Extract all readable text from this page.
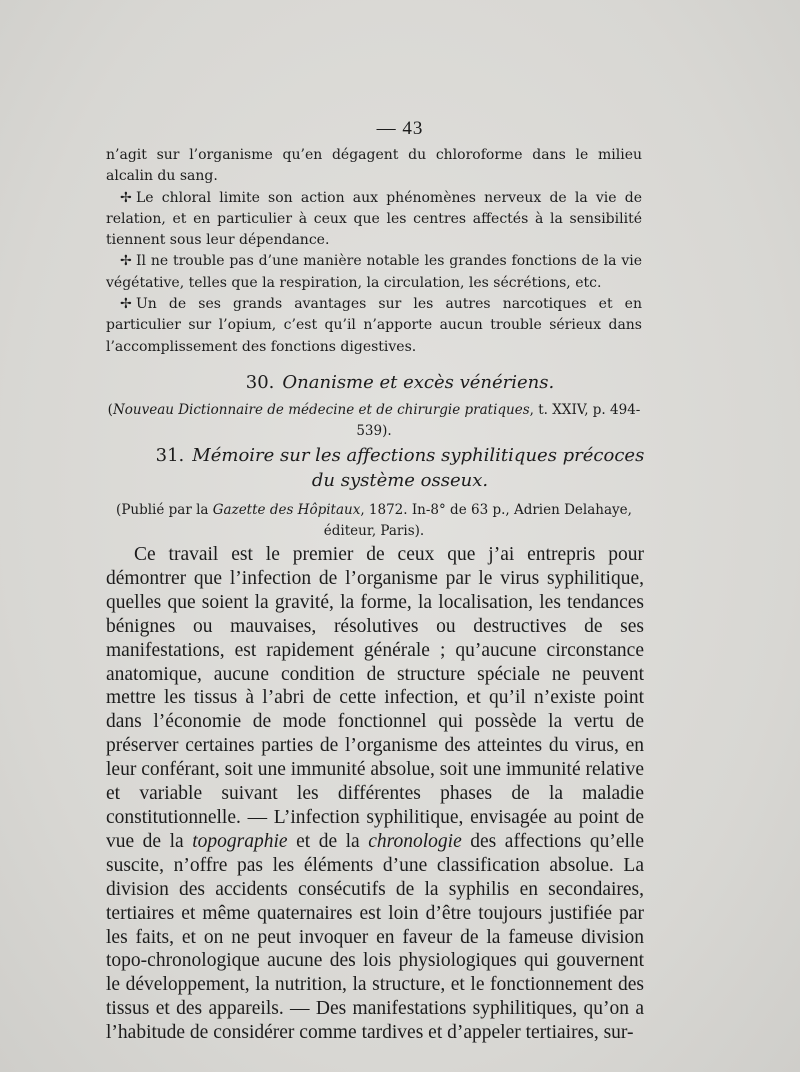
— 43

n’agit sur l’organisme qu’en dégagent du chloroforme dans le milieu alcalin du sang.

✢ Le chloral limite son action aux phénomènes nerveux de la vie de relation, et en particulier à ceux que les centres affectés à la sensibilité tiennent sous leur dépendance.

✢ Il ne trouble pas d’une manière notable les grandes fonctions de la vie végétative, telles que la respiration, la circulation, les sécrétions, etc.

✢ Un de ses grands avantages sur les autres narcotiques et en particulier sur l’opium, c’est qu’il n’apporte aucun trouble sérieux dans l’accomplissement des fonctions digestives.

30. Onanisme et excès vénériens.
(Nouveau Dictionnaire de médecine et de chirurgie pratiques, t. XXIV, p. 494-539).
31. Mémoire sur les affections syphilitiques précoces
du système osseux.
(Publié par la Gazette des Hôpitaux, 1872. In-8° de 63 p., Adrien Delahaye, éditeur, Paris).

Ce travail est le premier de ceux que j’ai entrepris pour démontrer que l’infection de l’organisme par le virus syphilitique, quelles que soient la gravité, la forme, la localisation, les tendances bénignes ou mauvaises, résolutives ou destructives de ses manifestations, est rapidement générale ; qu’aucune circonstance anatomique, aucune condition de structure spéciale ne peuvent mettre les tissus à l’abri de cette infection, et qu’il n’existe point dans l’économie de mode fonctionnel qui possède la vertu de préserver certaines parties de l’organisme des atteintes du virus, en leur conférant, soit une immunité absolue, soit une immunité relative et variable suivant les différentes phases de la maladie constitutionnelle. — L’infection syphilitique, envisagée au point de vue de la topographie et de la chronologie des affections qu’elle suscite, n’offre pas les éléments d’une classification absolue. La division des accidents consécutifs de la syphilis en secondaires, tertiaires et même quaternaires est loin d’être toujours justifiée par les faits, et on ne peut invoquer en faveur de la fameuse division topo-chronologique aucune des lois physiologiques qui gouvernent le développement, la nutrition, la structure, et le fonctionnement des tissus et des appareils. — Des manifestations syphilitiques, qu’on a l’habitude de considérer comme tardives et d’appeler tertiaires, sur-
